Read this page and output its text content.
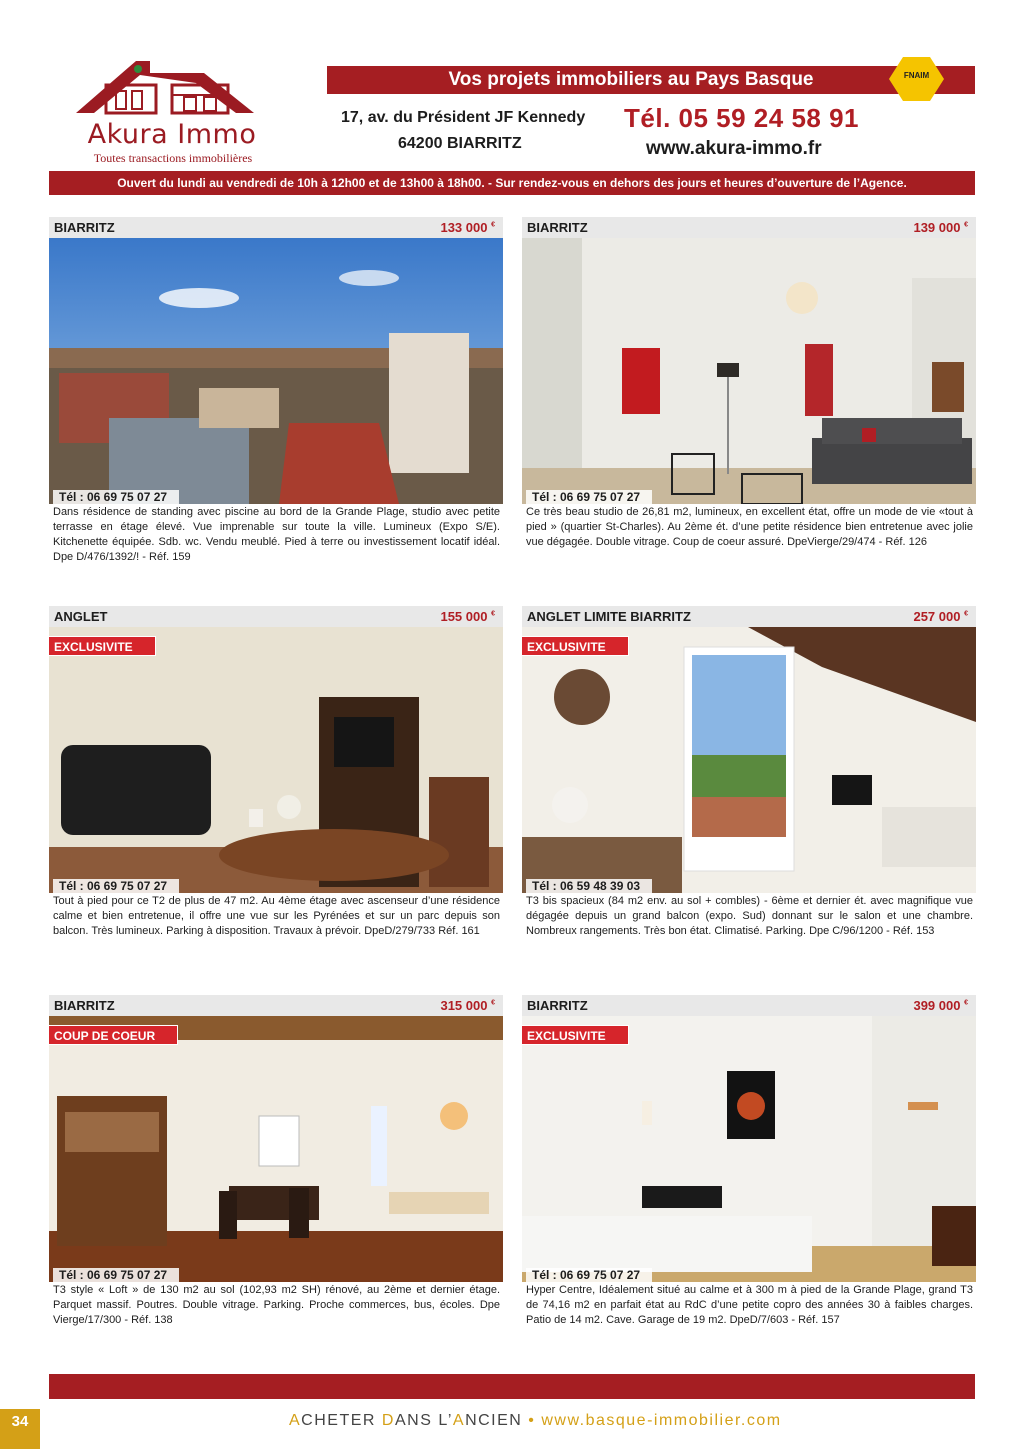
Akura Immo
Toutes transactions immobilières
Vos projets immobiliers au Pays Basque	FNAIM
17, av. du Président JF Kennedy
64200 BIARRITZ
Tél. 05 59 24 58 91
www.akura-immo.fr
Ouvert du lundi au vendredi de 10h à 12h00 et de 13h00 à 18h00. - Sur rendez-vous en dehors des jours et heures d’ouverture de l’Agence.
BIARRITZ	133 000 €
Tél : 06 69 75 07 27

Dans résidence de standing avec piscine au bord de la Grande Plage, studio avec petite terrasse en étage élevé. Vue imprenable sur toute la ville. Lumineux (Expo S/E). Kitchenette équipée. Sdb. wc. Vendu meublé. Pied à terre ou investissement locatif idéal. Dpe D/476/1392/! - Réf. 159

BIARRITZ	139 000 €
Tél : 06 69 75 07 27

Ce très beau studio de 26,81 m2, lumineux, en excellent état, offre un mode de vie «tout à pied » (quartier St-Charles). Au 2ème ét. d’une petite résidence bien entretenue avec jolie vue dégagée. Double vitrage. Coup de coeur assuré. DpeVierge/29/474 - Réf. 126

ANGLET	155 000 €
EXCLUSIVITE
Tél : 06 69 75 07 27

Tout à pied pour ce T2 de plus de 47 m2. Au 4ème étage avec ascenseur d’une résidence calme et bien entretenue, il offre une vue sur les Pyrénées et sur un parc depuis son balcon. Très lumineux. Parking à disposition. Travaux à prévoir. DpeD/279/733 Réf. 161

ANGLET LIMITE BIARRITZ	257 000 €
EXCLUSIVITE
Tél : 06 59 48 39 03

T3 bis spacieux (84 m2 env. au sol + combles) - 6ème et dernier ét. avec magnifique vue dégagée depuis un grand balcon (expo. Sud) donnant sur le salon et une chambre. Nombreux rangements. Très bon état. Climatisé. Parking. Dpe C/96/1200 - Réf. 153

BIARRITZ	315 000 €
COUP DE COEUR
Tél : 06 69 75 07 27

T3 style « Loft » de 130 m2 au sol (102,93 m2 SH) rénové, au 2ème et dernier étage. Parquet massif. Poutres. Double vitrage. Parking. Proche commerces, bus, écoles. Dpe Vierge/17/300 - Réf. 138

BIARRITZ	399 000 €
EXCLUSIVITE
Tél : 06 69 75 07 27

Hyper Centre, Idéalement situé au calme et à 300 m à pied de la Grande Plage, grand T3 de 74,16 m2 en parfait état au RdC d’une petite copro des années 30 à faibles charges. Patio de 14 m2. Cave. Garage de 19 m2. DpeD/7/603 - Réf. 157

34	ACHETER DANS L’ANCIEN • www.basque-immobilier.com
